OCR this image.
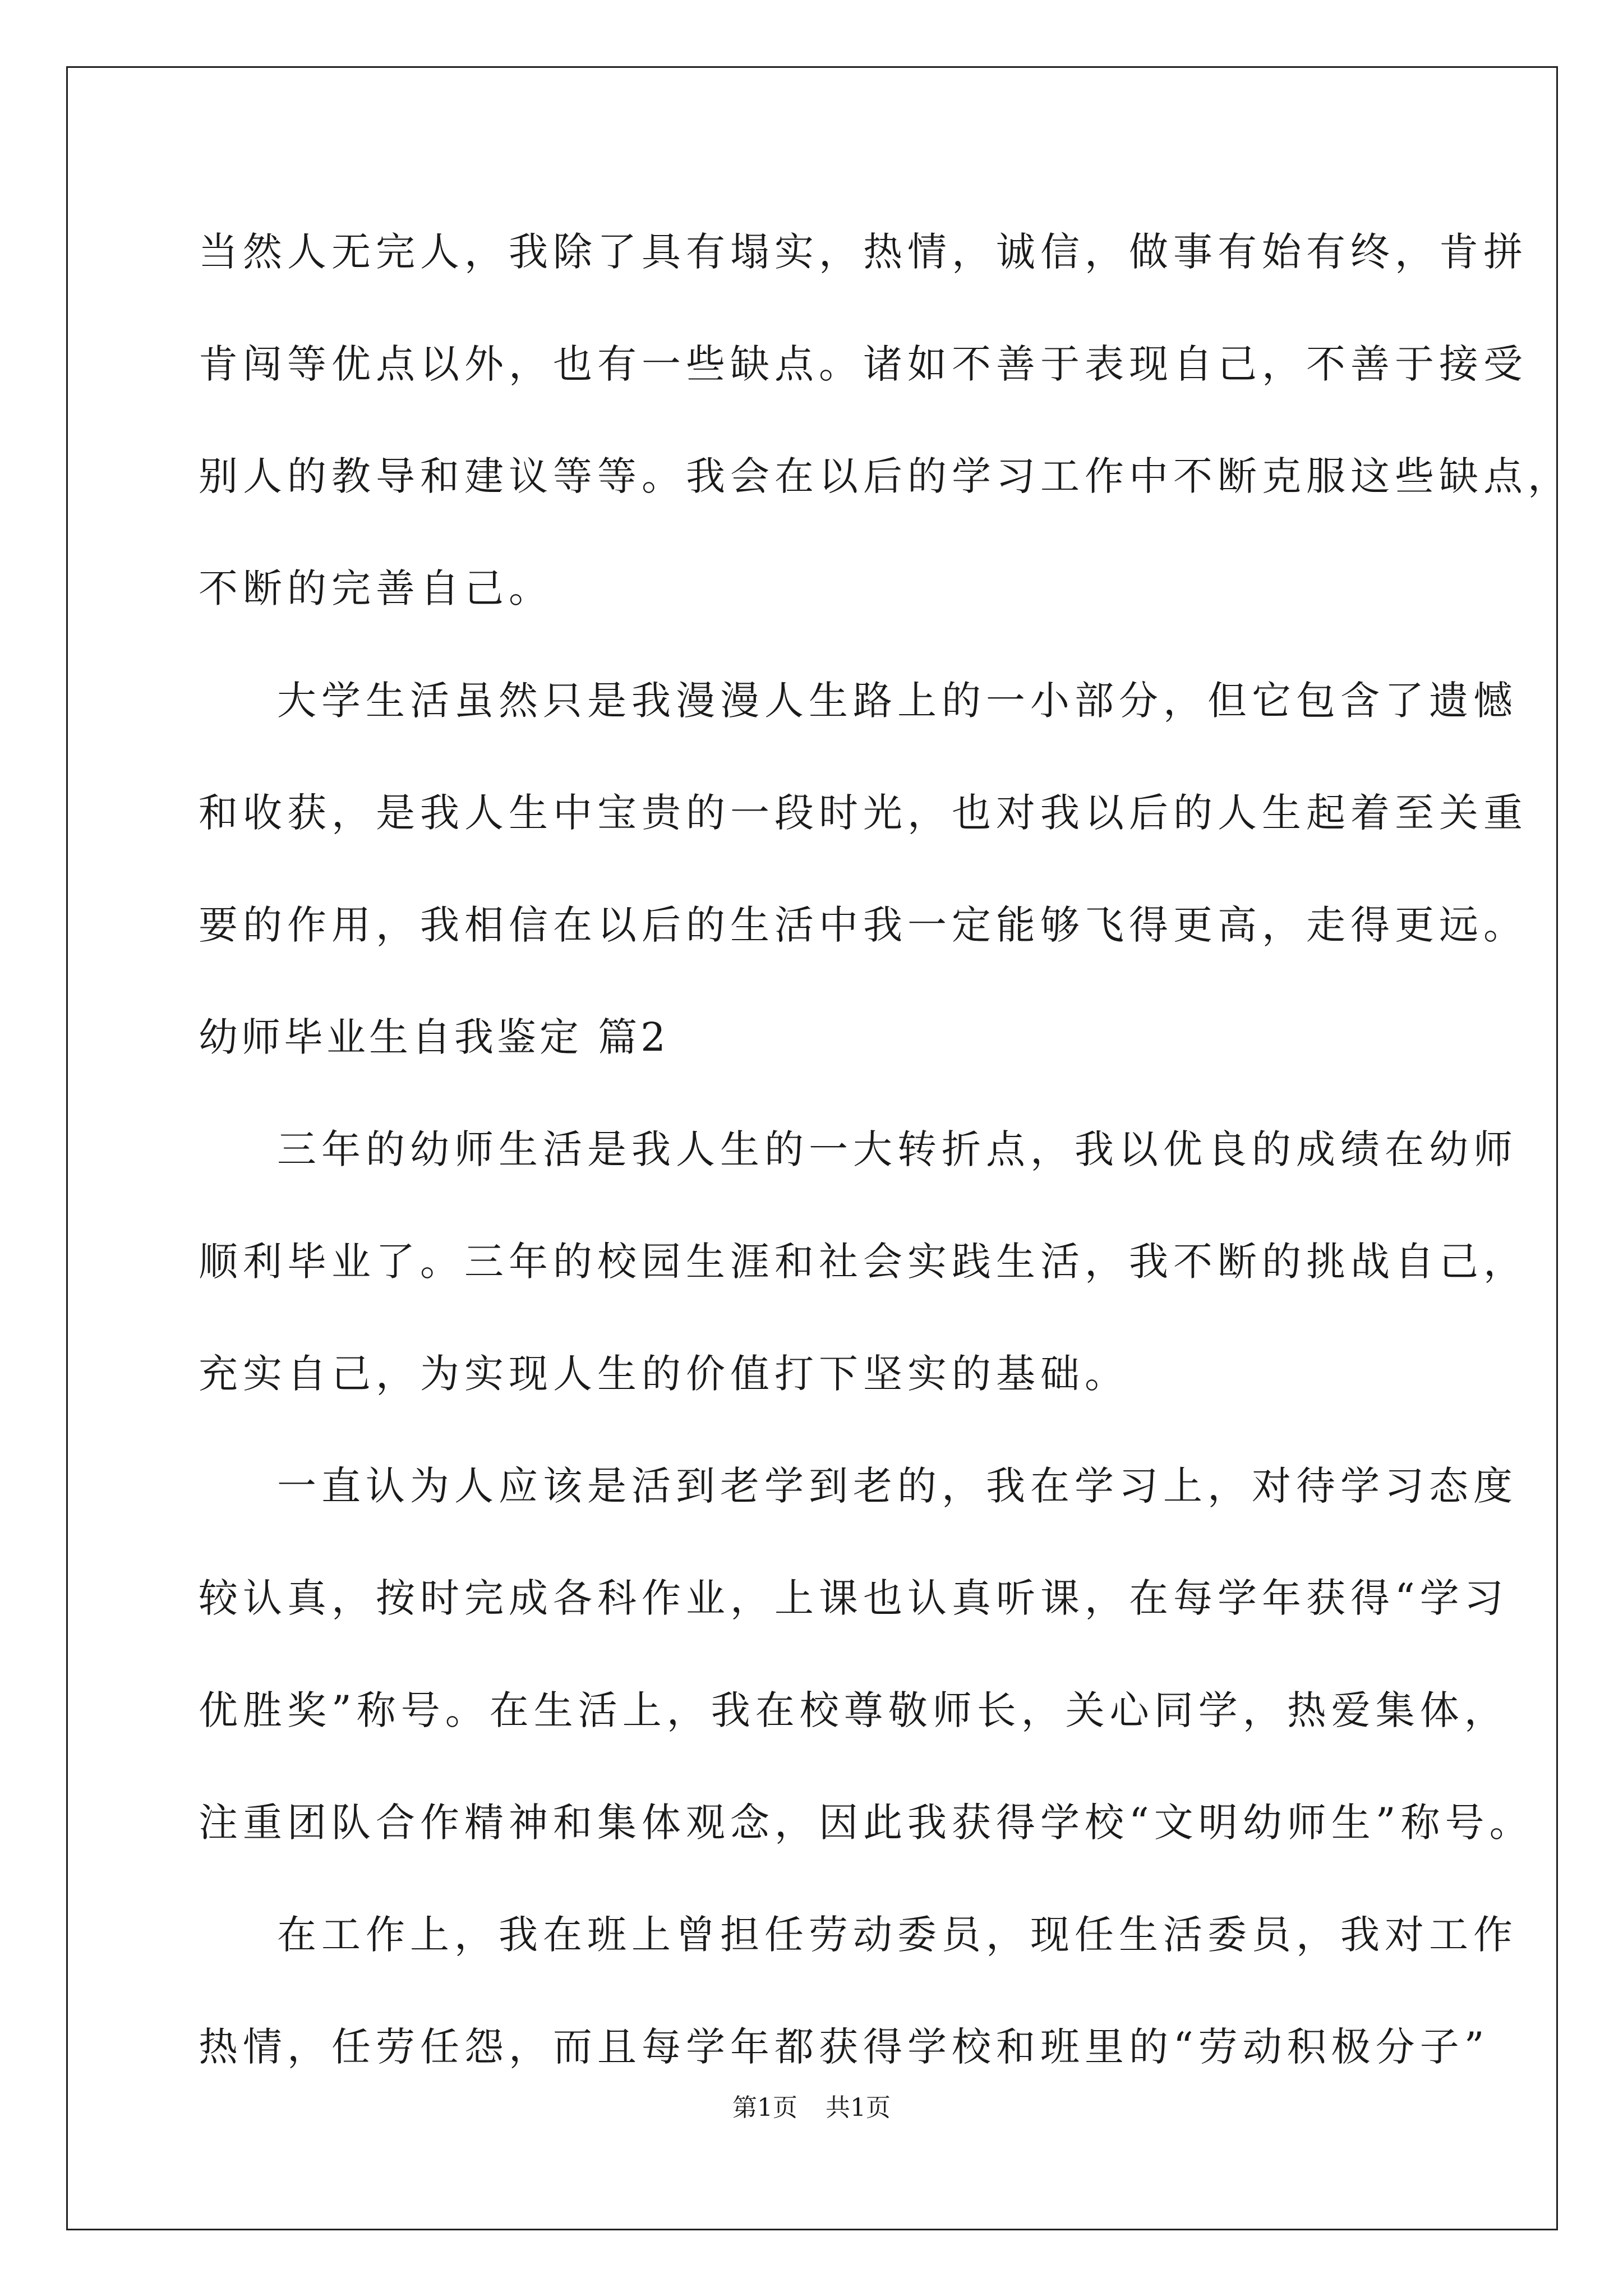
当然人无完人，我除了具有塌实，热情，诚信，做事有始有终，肯拼
肯闯等优点以外，也有一些缺点。诸如不善于表现自己，不善于接受
别人的教导和建议等等。我会在以后的学习工作中不断克服这些缺点，
不断的完善自己。
大学生活虽然只是我漫漫人生路上的一小部分，但它包含了遗憾
和收获，是我人生中宝贵的一段时光，也对我以后的人生起着至关重
要的作用，我相信在以后的生活中我一定能够飞得更高，走得更远。
幼师毕业生自我鉴定 篇2
三年的幼师生活是我人生的一大转折点，我以优良的成绩在幼师
顺利毕业了。三年的校园生涯和社会实践生活，我不断的挑战自己，
充实自己，为实现人生的价值打下坚实的基础。
一直认为人应该是活到老学到老的，我在学习上，对待学习态度
较认真，按时完成各科作业，上课也认真听课，在每学年获得“学习
优胜奖”称号。在生活上，我在校尊敬师长，关心同学，热爱集体，
注重团队合作精神和集体观念，因此我获得学校“文明幼师生”称号。
在工作上，我在班上曾担任劳动委员，现任生活委员，我对工作
热情，任劳任怨，而且每学年都获得学校和班里的“劳动积极分子”
第1页 共1页
